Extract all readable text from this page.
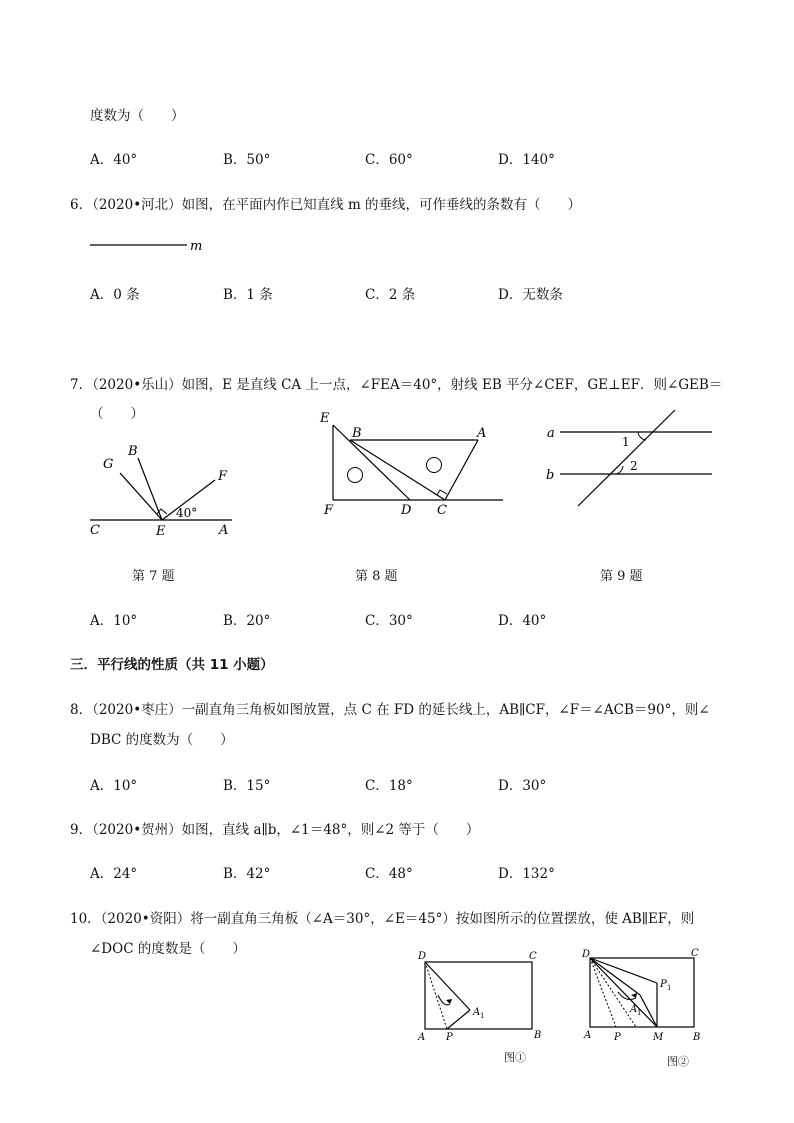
度数为（　　）
A．40°	B．50°	C．60°	D．140°
6．（2020•河北）如图，在平面内作已知直线 m 的垂线，可作垂线的条数有（　　）
m
A．0 条	B．1 条	C．2 条	D．无数条
7．（2020•乐山）如图，E 是直线 CA 上一点，∠FEA＝40°，射线 EB 平分∠CEF，GE⊥EF．则∠GEB＝
（　　）
G
B
F
C	E	A
40°
E
B	A
F	D C
a
b
1
2
第 7 题	第 8 题	第 9 题
A．10°	B．20°	C．30°	D．40°
三．平行线的性质（共 11 小题）
8．（2020•枣庄）一副直角三角板如图放置，点 C 在 FD 的延长线上，AB∥CF，∠F＝∠ACB＝90°，则∠
DBC 的度数为（　　）
A．10°	B．15°	C．18°	D．30°
9．（2020•贺州）如图，直线 a∥b，∠1＝48°，则∠2 等于（　　）
A．24°	B．42°	C．48°	D．132°
10．（2020•资阳）将一副直角三角板（∠A＝30°，∠E＝45°）按如图所示的位置摆放，使 AB∥EF，则
∠DOC 的度数是（　　）	D	C
A 1
A P	B
图①
D	C
P 1
A 1
A P	M	B
图②
